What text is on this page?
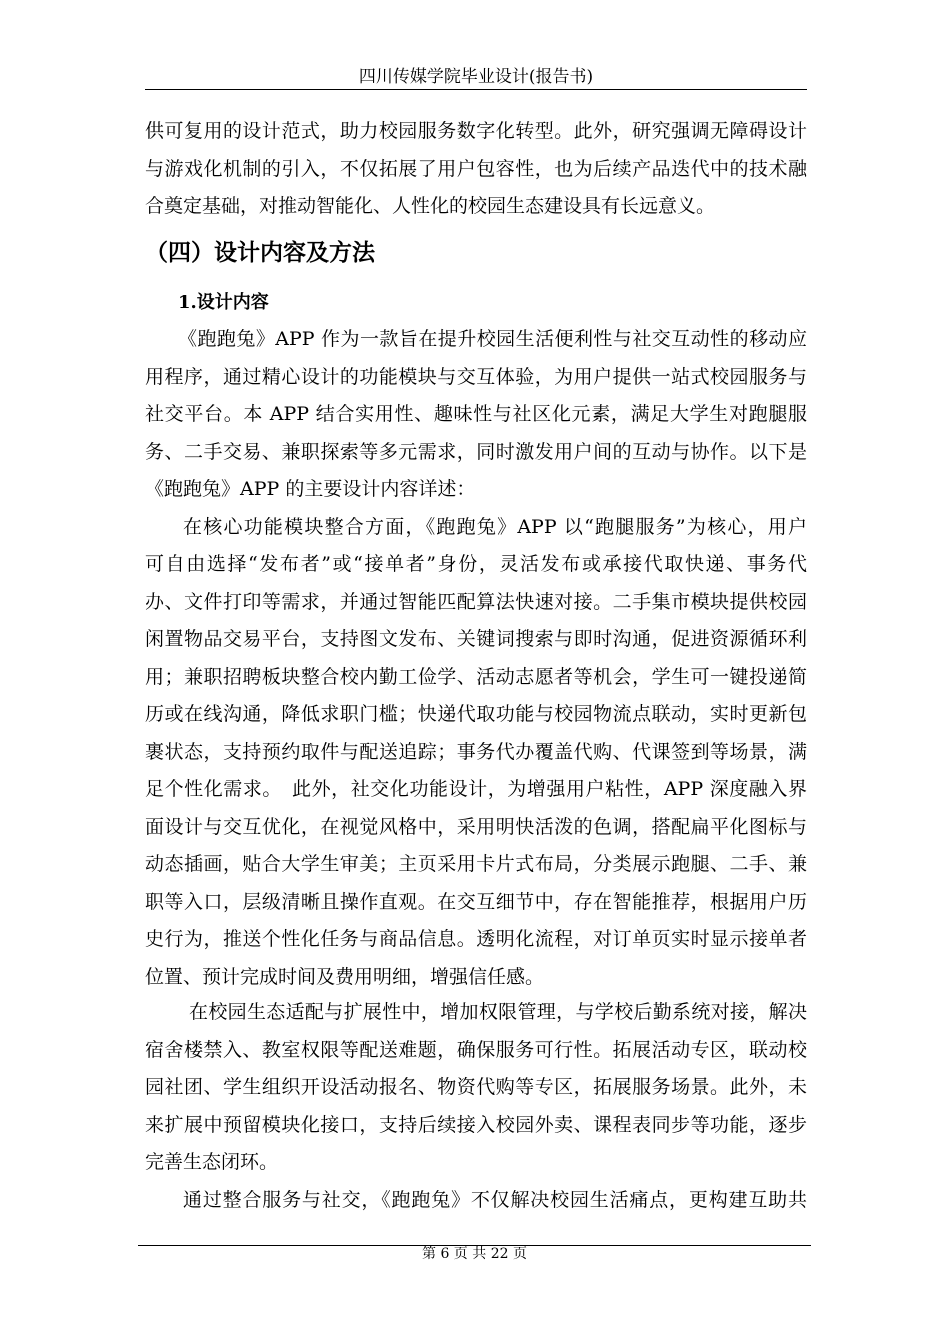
四川传媒学院毕业设计(报告书)
供可复用的设计范式，助力校园服务数字化转型。此外，研究强调无障碍设计
与游戏化机制的引入，不仅拓展了用户包容性，也为后续产品迭代中的技术融
合奠定基础，对推动智能化、人性化的校园生态建设具有长远意义。
（四）设计内容及方法
1.设计内容
《跑跑兔》APP 作为一款旨在提升校园生活便利性与社交互动性的移动应
用程序，通过精心设计的功能模块与交互体验，为用户提供一站式校园服务与
社交平台。本 APP 结合实用性、趣味性与社区化元素，满足大学生对跑腿服
务、二手交易、兼职探索等多元需求，同时激发用户间的互动与协作。以下是
《跑跑兔》APP 的主要设计内容详述：
在核心功能模块整合方面，《跑跑兔》APP 以“跑腿服务”为核心，用户
可自由选择“发布者”或“接单者”身份，灵活发布或承接代取快递、事务代
办、文件打印等需求，并通过智能匹配算法快速对接。二手集市模块提供校园
闲置物品交易平台，支持图文发布、关键词搜索与即时沟通，促进资源循环利
用；兼职招聘板块整合校内勤工俭学、活动志愿者等机会，学生可一键投递简
历或在线沟通，降低求职门槛；快递代取功能与校园物流点联动，实时更新包
裹状态，支持预约取件与配送追踪；事务代办覆盖代购、代课签到等场景，满
足个性化需求。　此外，社交化功能设计，为增强用户粘性，APP 深度融入界
面设计与交互优化，在视觉风格中，采用明快活泼的色调，搭配扁平化图标与
动态插画，贴合大学生审美；主页采用卡片式布局，分类展示跑腿、二手、兼
职等入口，层级清晰且操作直观。在交互细节中，存在智能推荐，根据用户历
史行为，推送个性化任务与商品信息。透明化流程，对订单页实时显示接单者
位置、预计完成时间及费用明细，增强信任感。
在校园生态适配与扩展性中，增加权限管理，与学校后勤系统对接，解决
宿舍楼禁入、教室权限等配送难题，确保服务可行性。拓展活动专区，联动校
园社团、学生组织开设活动报名、物资代购等专区，拓展服务场景。此外，未
来扩展中预留模块化接口，支持后续接入校园外卖、课程表同步等功能，逐步
完善生态闭环。
通过整合服务与社交，《跑跑兔》不仅解决校园生活痛点，更构建互助共
第 6 页 共 22 页
